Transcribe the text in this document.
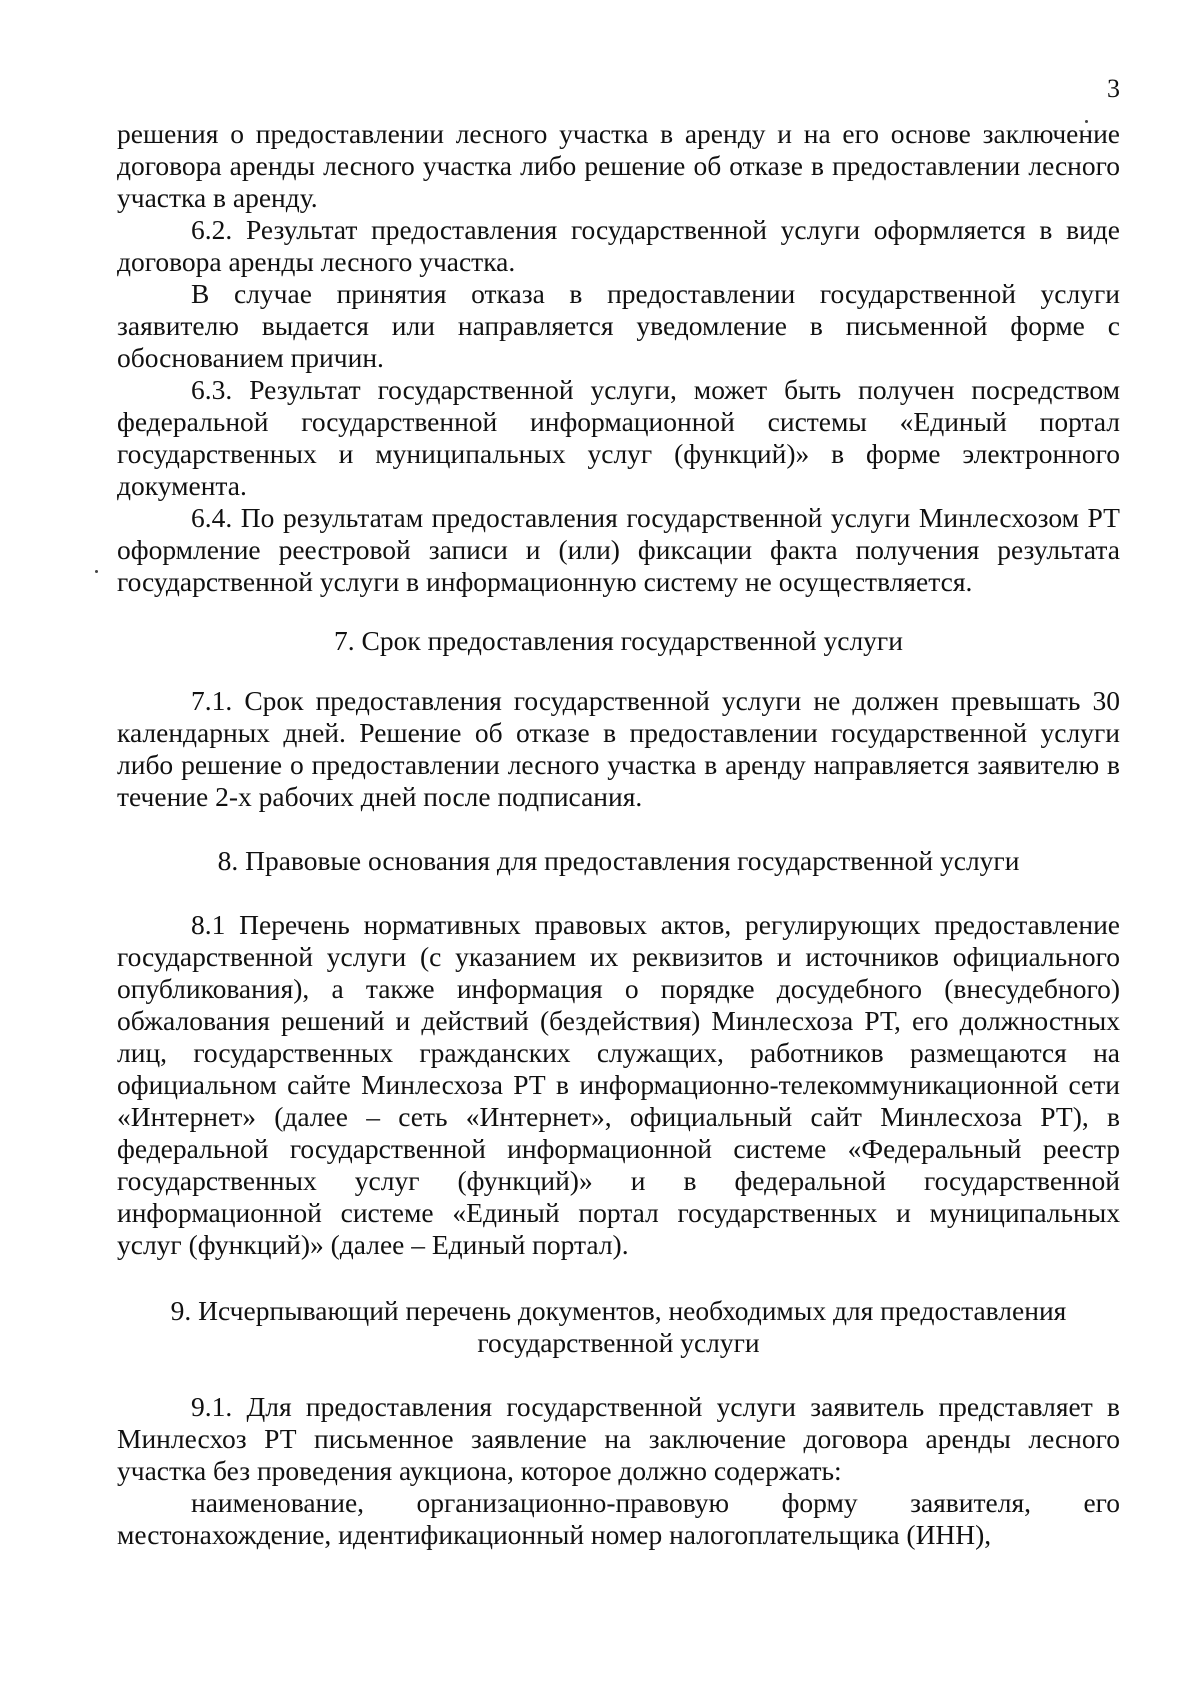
3

решения о предоставлении лесного участка в аренду и на его основе заключение договора аренды лесного участка либо решение об отказе в предоставлении лесного участка в аренду.

6.2. Результат предоставления государственной услуги оформляется в виде договора аренды лесного участка.

В случае принятия отказа в предоставлении государственной услуги заявителю выдается или направляется уведомление в письменной форме с обоснованием причин.

6.3. Результат государственной услуги, может быть получен посредством федеральной государственной информационной системы «Единый портал государственных и муниципальных услуг (функций)» в форме электронного документа.

6.4. По результатам предоставления государственной услуги Минлесхозом РТ оформление реестровой записи и (или) фиксации факта получения результата государственной услуги в информационную систему не осуществляется.

7. Срок предоставления государственной услуги

7.1. Срок предоставления государственной услуги не должен превышать 30 календарных дней. Решение об отказе в предоставлении государственной услуги либо решение о предоставлении лесного участка в аренду направляется заявителю в течение 2-х рабочих дней после подписания.

8. Правовые основания для предоставления государственной услуги

8.1 Перечень нормативных правовых актов, регулирующих предоставление государственной услуги (с указанием их реквизитов и источников официального опубликования), а также информация о порядке досудебного (внесудебного) обжалования решений и действий (бездействия) Минлесхоза РТ, его должностных лиц, государственных гражданских служащих, работников размещаются на официальном сайте Минлесхоза РТ в информационно-телекоммуникационной сети «Интернет» (далее – сеть «Интернет», официальный сайт Минлесхоза РТ), в федеральной государственной информационной системе «Федеральный реестр государственных услуг (функций)» и в федеральной государственной информационной системе «Единый портал государственных и муниципальных услуг (функций)» (далее – Единый портал).

9. Исчерпывающий перечень документов, необходимых для предоставления
государственной услуги

9.1. Для предоставления государственной услуги заявитель представляет в Минлесхоз РТ письменное заявление на заключение договора аренды лесного участка без проведения аукциона, которое должно содержать:

наименование, организационно-правовую форму заявителя, его местонахождение, идентификационный номер налогоплательщика (ИНН),
